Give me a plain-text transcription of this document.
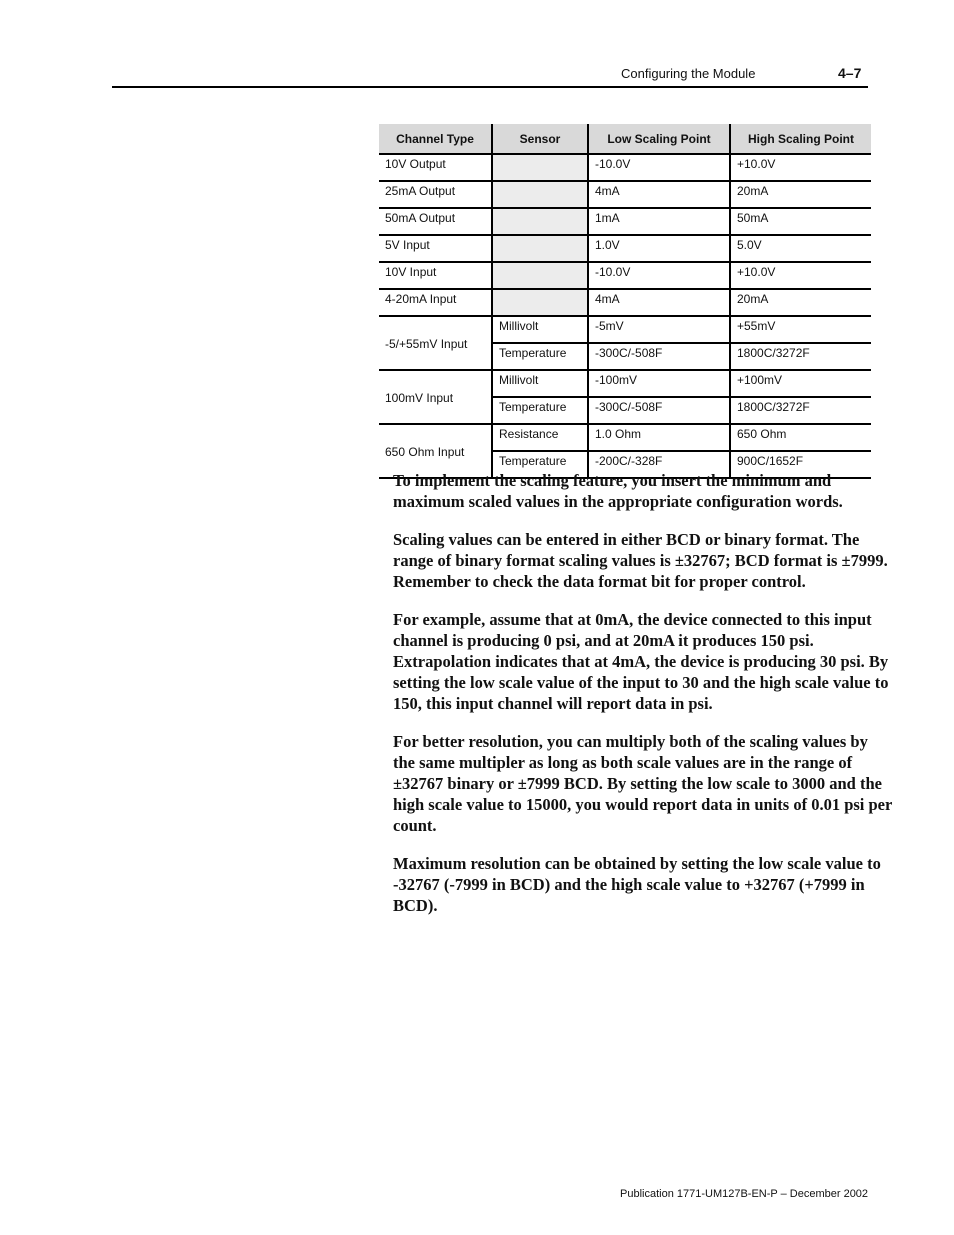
Configuring the Module	4–7
Channel Type	Sensor	Low Scaling Point	High Scaling Point
10V Output		-10.0V	+10.0V
25mA Output		4mA	20mA
50mA Output		1mA	50mA
5V Input		1.0V	5.0V
10V Input		-10.0V	+10.0V
4-20mA Input		4mA	20mA
-5/+55mV Input	Millivolt	-5mV	+55mV
	Temperature	-300C/-508F	1800C/3272F
100mV Input	Millivolt	-100mV	+100mV
	Temperature	-300C/-508F	1800C/3272F
650 Ohm Input	Resistance	1.0 Ohm	650 Ohm
	Temperature	-200C/-328F	900C/1652F

To implement the scaling feature, you insert the minimum and maximum scaled values in the appropriate configuration words.

Scaling values can be entered in either BCD or binary format. The range of binary format scaling values is ±32767; BCD format is ±7999. Remember to check the data format bit for proper control.

For example, assume that at 0mA, the device connected to this input channel is producing 0 psi, and at 20mA it produces 150 psi. Extrapolation indicates that at 4mA, the device is producing 30 psi. By setting the low scale value of the input to 30 and the high scale value to 150, this input channel will report data in psi.

For better resolution, you can multiply both of the scaling values by the same multipler as long as both scale values are in the range of ±32767 binary or ±7999 BCD. By setting the low scale to 3000 and the high scale value to 15000, you would report data in units of 0.01 psi per count.

Maximum resolution can be obtained by setting the low scale value to -32767 (-7999 in BCD) and the high scale value to +32767 (+7999 in BCD).

Publication 1771-UM127B-EN-P – December 2002
